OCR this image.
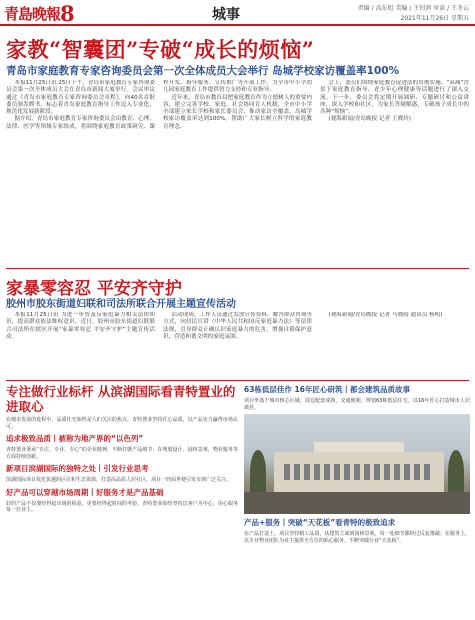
青島晚報 8	城事	责编 / 高东旭 美编 / 王钊鸿 审读 / 王冬云
2021年11月26日 星期五
家教“智囊团”专破“成长的烦恼”
青岛市家庭教育专家咨询委员会第一次全体成员大会举行 岛城学校家访覆盖率100%

本报11月25日讯 25日下午，青岛市家庭教育专家咨询委员会第一次全体成员大会在青岛市新闻大厦举行。会议审议通过《青岛市家庭教育专家咨询委员会章程》，向40名首批委员颁发聘书，标志着青岛家庭教育指导工作迈入专业化、规范化发展新阶段。

据介绍，青岛市家庭教育专家咨询委员会由教育、心理、法律、医学等领域专家组成，将围绕家庭教育政策研究、课程开发、指导服务、宣传推广等开展工作，为全市中小学幼儿园家庭教育工作提供智力支持和专业指导。

近年来，青岛市教育局把家庭教育作为立德树人的重要内容，建立完善学校、家庭、社会协同育人机制，全市中小学全部建立家长学校和家长委员会，推动家访全覆盖，岛城学校家访覆盖率达到100%，帮助广大家长树立科学的家庭教育理念。

会上，委员们围绕家庭教育促进法的贯彻实施、“双减”背景下家庭教育指导、青少年心理健康等话题进行了深入交流。下一步，委员会将定期开展调研、专题研讨和公益讲座，深入学校和社区，为家长答疑解惑，专破孩子成长中的各种“烦恼”。

(观海新闻/青岛晚报 记者 王晓玲)

家暴零容忍 平安齐守护
胶州市胶东街道妇联和司法所联合开展主题宣传活动

本报11月25日讯 为进一步普及反家庭暴力相关法律知识，提高群众依法维权意识，近日，胶州市胶东街道妇联联合司法所在辖区开展“家暴零容忍 平安齐守护”主题宣传活动。

活动现场，工作人员通过发放宣传资料、解答群众咨询等方式，向居民宣讲《中华人民共和国反家庭暴力法》等法律法规，引导群众正确认识家庭暴力的危害，增强自我保护意识，营造和谐文明的家庭氛围。

(观海新闻/青岛晚报 记者 马晓雨 通讯员 杨明)

专注做行业标杆 从滨湖国际看青特置业的进取心

在城市发展的进程中，品质住宅始终是人们关注的焦点。青特置业坚持匠心品质，以产品实力赢得市场认可。

追求极致品质丨被称为地产界的“以色列”

青特置业秉承“专注、专业、专心”的企业精神，不断打磨产品细节，在规划设计、园林景观、物业服务等方面持续创新。

新项目滨湖国际的独特之处丨引发行业思考

滨湖国际项目依托优越的区位和生态资源，打造高品质人居社区，项目一经面世便引发市场广泛关注。

好产品可以穿越市场周期丨好服务才是产品基础

好的产品不仅要经得起市场的检验，更要经得起时间的考验。青特置业始终坚持以客户为中心，用心服务每一位业主。

63栋低层佳作 16年匠心研筑丨都会建筑品质故事

项目坐落于城市核心区域，周边配套成熟，交通便利，规划63栋低层住宅，以16年匠心打造城市人居典范。

产品+服务丨突破“天花板”看青特的极致追求

在产品打造上，项目坚持精工品质，从建筑立面到园林景观，每一处细节都经过反复推敲；在服务上，以专业物业团队为业主提供全方位的贴心服务，不断突破行业“天花板”。
